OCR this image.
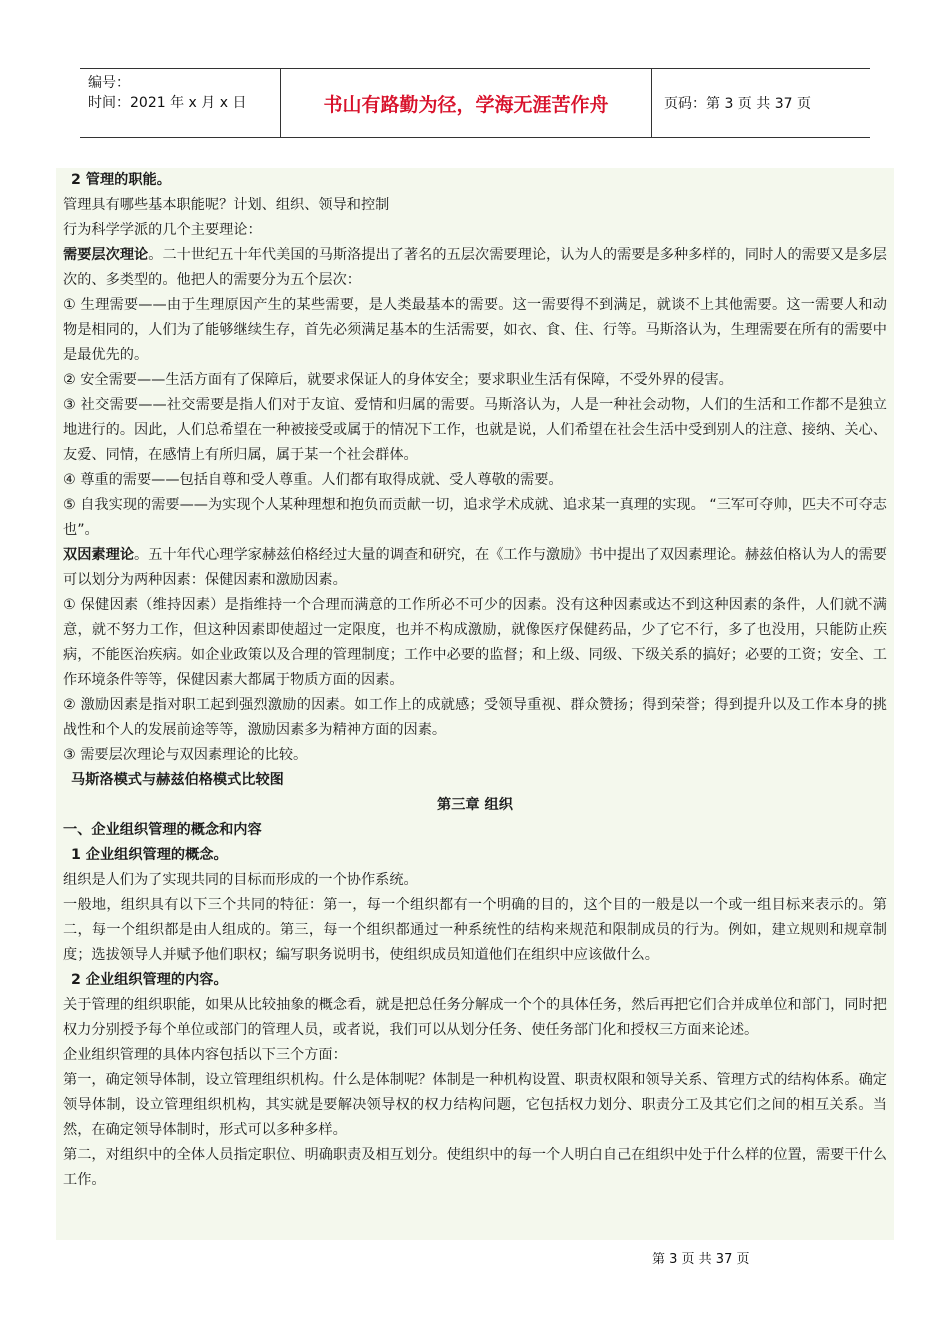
编号：
时间：2021 年 x 月 x 日	书山有路勤为径，学海无涯苦作舟	页码：第 3 页 共 37 页

2 管理的职能。

管理具有哪些基本职能呢？计划、组织、领导和控制

行为科学学派的几个主要理论：

需要层次理论。二十世纪五十年代美国的马斯洛提出了著名的五层次需要理论，认为人的需要是多种多样的，同时人的需要又是多层次的、多类型的。他把人的需要分为五个层次：

① 生理需要——由于生理原因产生的某些需要，是人类最基本的需要。这一需要得不到满足，就谈不上其他需要。这一需要人和动物是相同的，人们为了能够继续生存，首先必须满足基本的生活需要，如衣、食、住、行等。马斯洛认为，生理需要在所有的需要中是最优先的。

② 安全需要——生活方面有了保障后，就要求保证人的身体安全；要求职业生活有保障，不受外界的侵害。

③ 社交需要——社交需要是指人们对于友谊、爱情和归属的需要。马斯洛认为，人是一种社会动物，人们的生活和工作都不是独立地进行的。因此，人们总希望在一种被接受或属于的情况下工作，也就是说，人们希望在社会生活中受到别人的注意、接纳、关心、友爱、同情，在感情上有所归属，属于某一个社会群体。

④ 尊重的需要——包括自尊和受人尊重。人们都有取得成就、受人尊敬的需要。

⑤ 自我实现的需要——为实现个人某种理想和抱负而贡献一切，追求学术成就、追求某一真理的实现。 “三军可夺帅，匹夫不可夺志也”。

双因素理论。五十年代心理学家赫兹伯格经过大量的调查和研究，在《工作与激励》书中提出了双因素理论。赫兹伯格认为人的需要可以划分为两种因素：保健因素和激励因素。

① 保健因素（维持因素）是指维持一个合理而满意的工作所必不可少的因素。没有这种因素或达不到这种因素的条件，人们就不满意，就不努力工作，但这种因素即使超过一定限度，也并不构成激励，就像医疗保健药品，少了它不行，多了也没用，只能防止疾病，不能医治疾病。如企业政策以及合理的管理制度；工作中必要的监督；和上级、同级、下级关系的搞好；必要的工资；安全、工作环境条件等等，保健因素大都属于物质方面的因素。

② 激励因素是指对职工起到强烈激励的因素。如工作上的成就感；受领导重视、群众赞扬；得到荣誉；得到提升以及工作本身的挑战性和个人的发展前途等等，激励因素多为精神方面的因素。

③ 需要层次理论与双因素理论的比较。

马斯洛模式与赫兹伯格模式比较图

第三章 组织

一、企业组织管理的概念和内容

1 企业组织管理的概念。

组织是人们为了实现共同的目标而形成的一个协作系统。

一般地，组织具有以下三个共同的特征：第一，每一个组织都有一个明确的目的，这个目的一般是以一个或一组目标来表示的。第二，每一个组织都是由人组成的。第三，每一个组织都通过一种系统性的结构来规范和限制成员的行为。例如，建立规则和规章制度；选拔领导人并赋予他们职权；编写职务说明书，使组织成员知道他们在组织中应该做什么。

2 企业组织管理的内容。

关于管理的组织职能，如果从比较抽象的概念看，就是把总任务分解成一个个的具体任务，然后再把它们合并成单位和部门，同时把权力分别授予每个单位或部门的管理人员，或者说，我们可以从划分任务、使任务部门化和授权三方面来论述。

企业组织管理的具体内容包括以下三个方面：

第一，确定领导体制，设立管理组织机构。什么是体制呢？体制是一种机构设置、职责权限和领导关系、管理方式的结构体系。确定领导体制，设立管理组织机构，其实就是要解决领导权的权力结构问题，它包括权力划分、职责分工及其它们之间的相互关系。当然，在确定领导体制时，形式可以多种多样。

第二，对组织中的全体人员指定职位、明确职责及相互划分。使组织中的每一个人明白自己在组织中处于什么样的位置，需要干什么工作。

第 3 页 共 37 页
